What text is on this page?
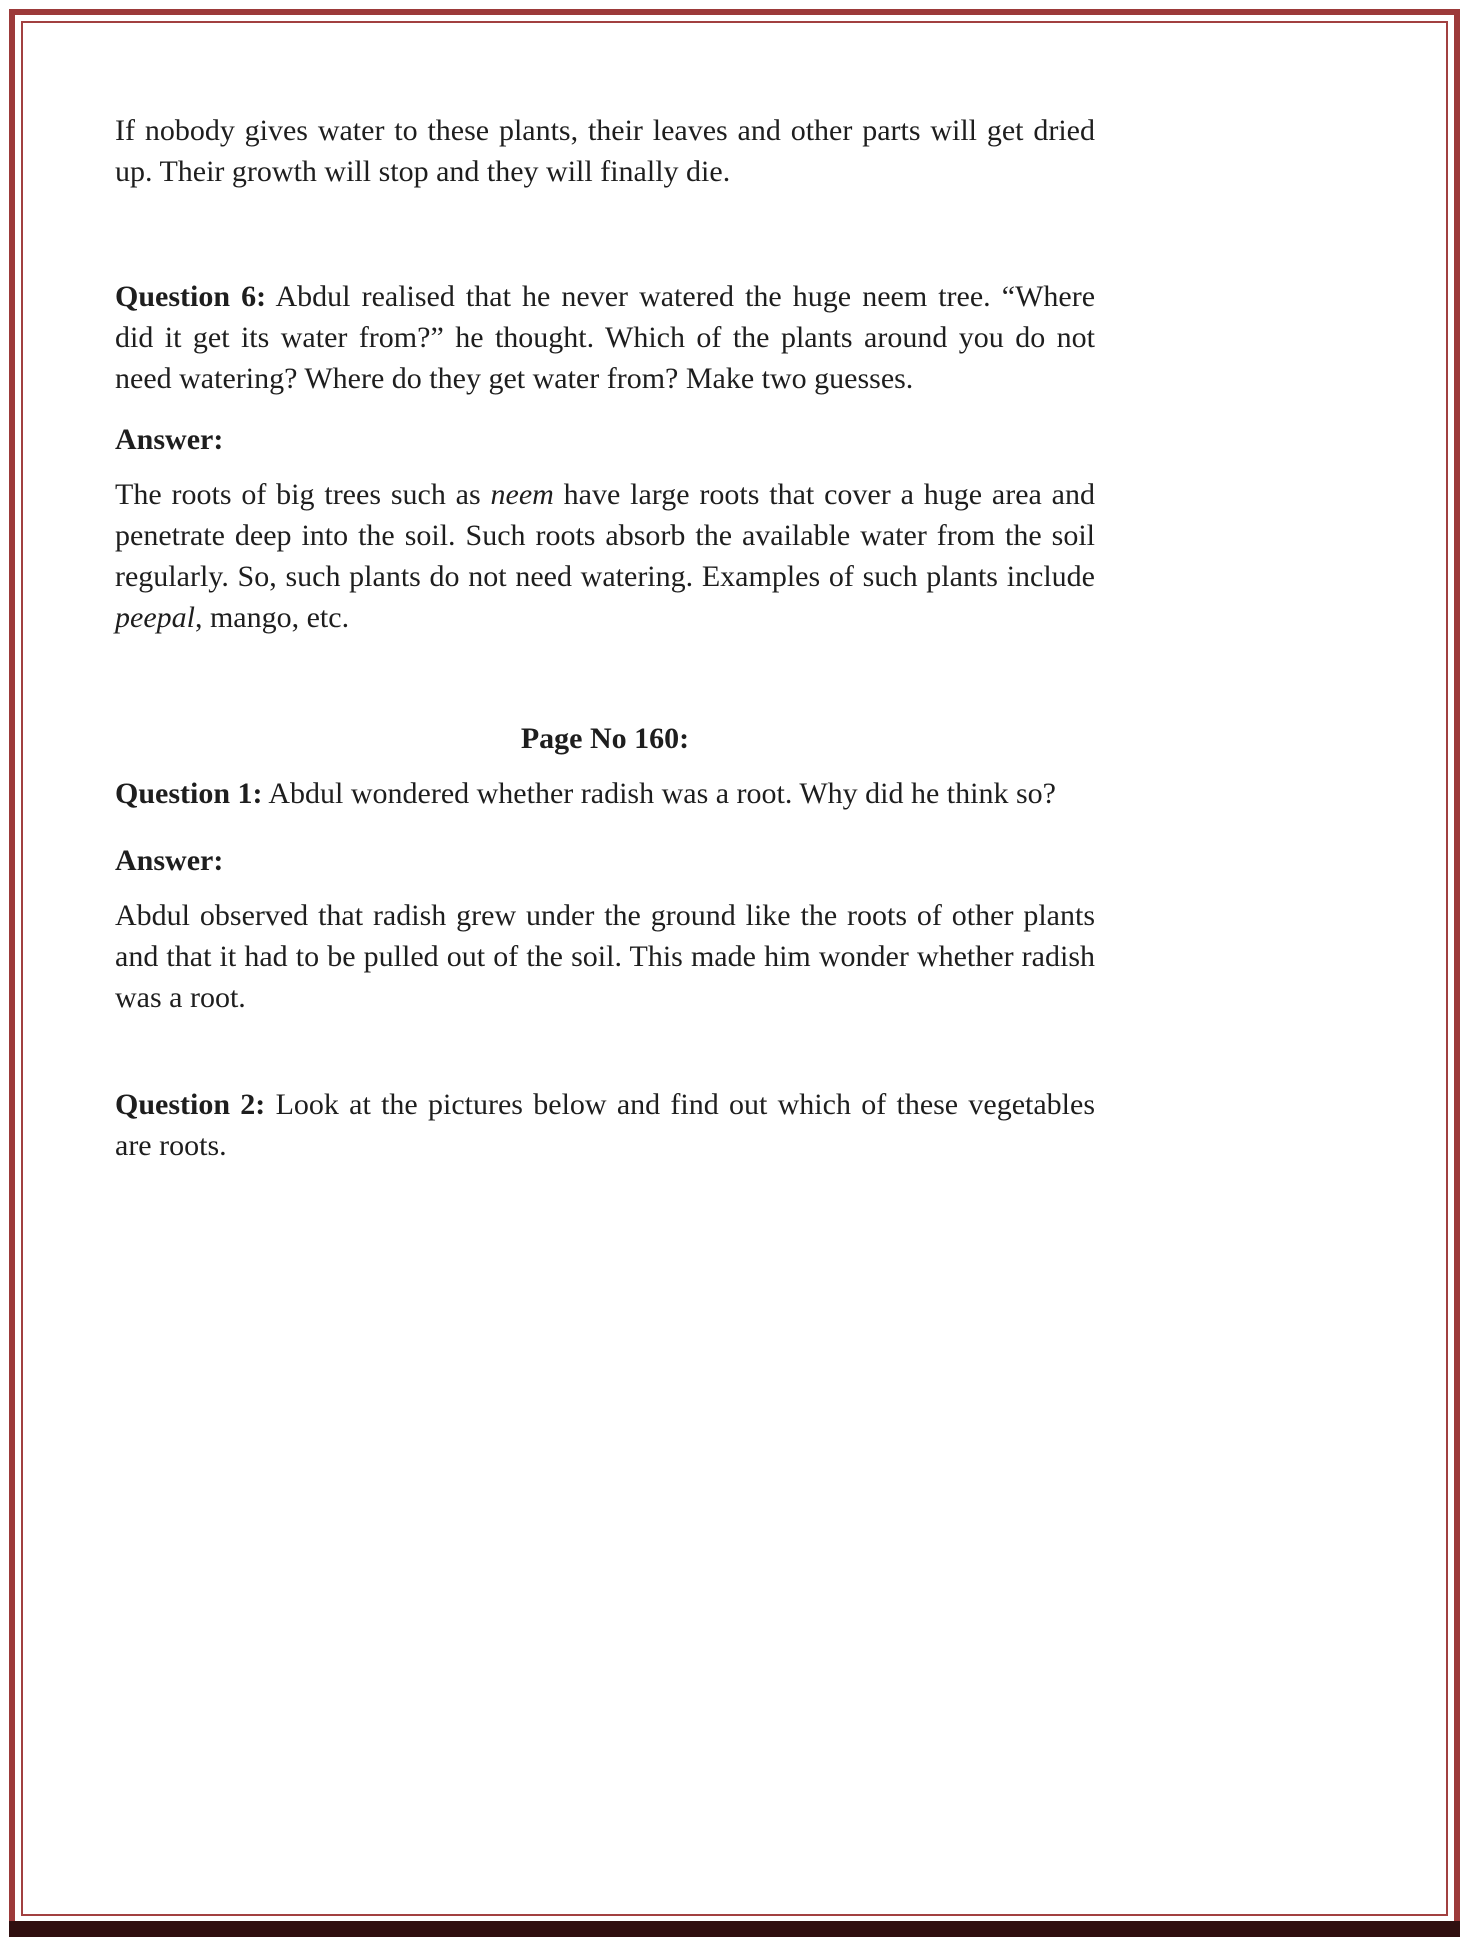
If nobody gives water to these plants, their leaves and other parts will get dried up. Their growth will stop and they will finally die.

Question 6: Abdul realised that he never watered the huge neem tree. “Where did it get its water from?” he thought. Which of the plants around you do not need watering? Where do they get water from? Make two guesses.

Answer:

The roots of big trees such as neem have large roots that cover a huge area and penetrate deep into the soil. Such roots absorb the available water from the soil regularly. So, such plants do not need watering. Examples of such plants include peepal, mango, etc.

Page No 160:

Question 1: Abdul wondered whether radish was a root. Why did he think so?

Answer:

Abdul observed that radish grew under the ground like the roots of other plants and that it had to be pulled out of the soil. This made him wonder whether radish was a root.

Question 2: Look at the pictures below and find out which of these vegetables are roots.
